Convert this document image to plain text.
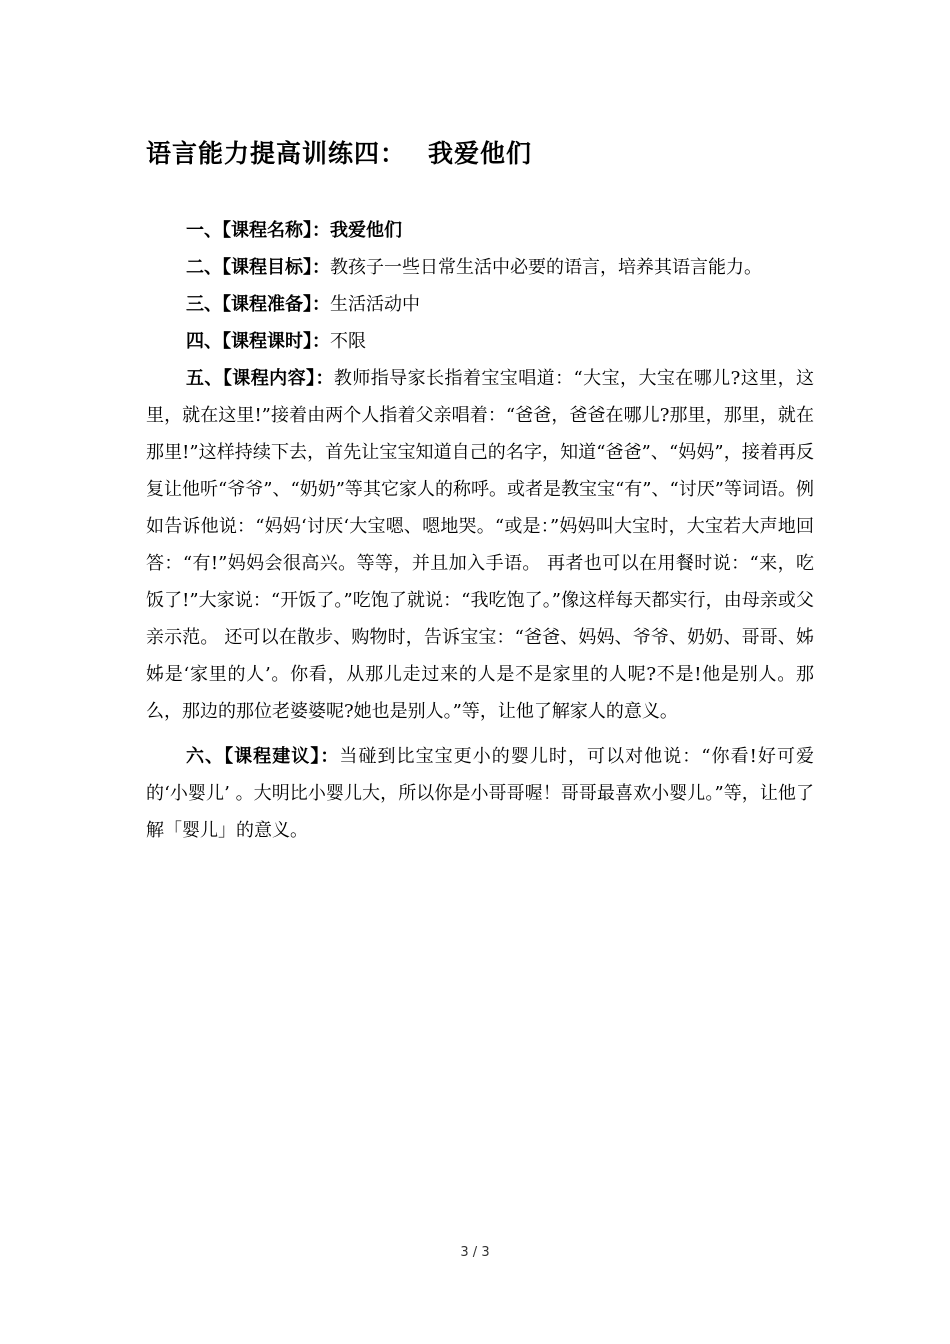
语言能力提高训练四： 我爱他们

一、【课程名称】：我爱他们

二、【课程目标】：教孩子一些日常生活中必要的语言，培养其语言能力。

三、【课程准备】：生活活动中

四、【课程课时】：不限

五、【课程内容】：教师指导家长指着宝宝唱道：“大宝，大宝在哪儿?这里，这里，就在这里!”接着由两个人指着父亲唱着：“爸爸，爸爸在哪儿?那里，那里，就在那里!”这样持续下去，首先让宝宝知道自己的名字，知道“爸爸”、“妈妈”，接着再反复让他听“爷爷”、“奶奶”等其它家人的称呼。或者是教宝宝“有”、“讨厌”等词语。例如告诉他说：“妈妈‘讨厌‘大宝嗯、嗯地哭。“或是：”妈妈叫大宝时，大宝若大声地回答：“有!”妈妈会很高兴。等等，并且加入手语。 再者也可以在用餐时说：“来，吃饭了!”大家说：“开饭了。”吃饱了就说：“我吃饱了。”像这样每天都实行，由母亲或父亲示范。 还可以在散步、购物时，告诉宝宝：“爸爸、妈妈、爷爷、奶奶、哥哥、姊姊是‘家里的人’。你看，从那儿走过来的人是不是家里的人呢?不是!他是别人。那么，那边的那位老婆婆呢?她也是别人。”等，让他了解家人的意义。

六、【课程建议】：当碰到比宝宝更小的婴儿时，可以对他说：“你看!好可爱的‘小婴儿’ 。大明比小婴儿大，所以你是小哥哥喔！哥哥最喜欢小婴儿。”等，让他了解「婴儿」的意义。

3 / 3
